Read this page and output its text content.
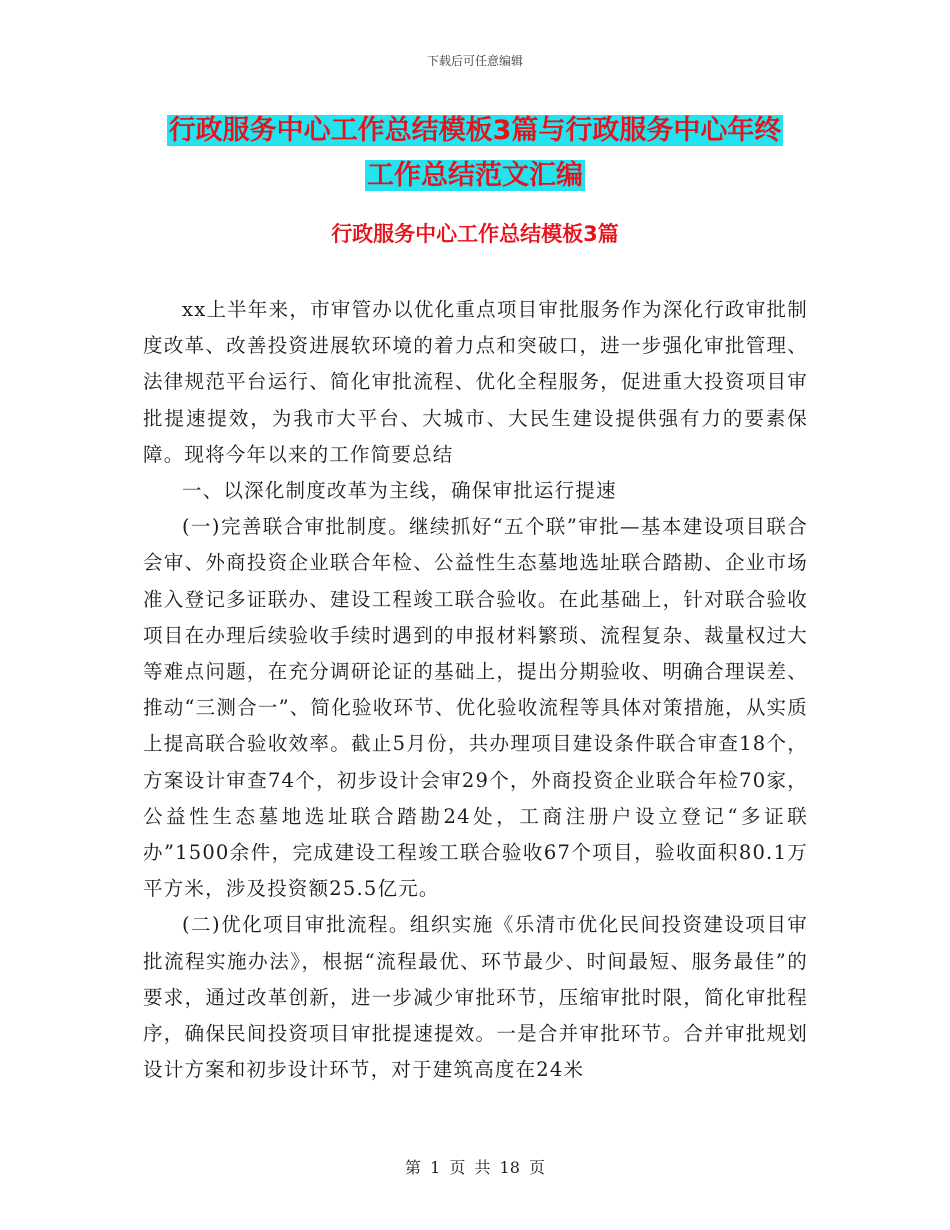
下载后可任意编辑
行政服务中心工作总结模板3篇与行政服务中心年终
工作总结范文汇编
行政服务中心工作总结模板3篇

xx上半年来，市审管办以优化重点项目审批服务作为深化行政审批制度改革、改善投资进展软环境的着力点和突破口，进一步强化审批管理、法律规范平台运行、简化审批流程、优化全程服务，促进重大投资项目审批提速提效，为我市大平台、大城市、大民生建设提供强有力的要素保障。现将今年以来的工作简要总结

一、以深化制度改革为主线，确保审批运行提速

(一)完善联合审批制度。继续抓好“五个联”审批—基本建设项目联合会审、外商投资企业联合年检、公益性生态墓地选址联合踏勘、企业市场准入登记多证联办、建设工程竣工联合验收。在此基础上，针对联合验收项目在办理后续验收手续时遇到的申报材料繁琐、流程复杂、裁量权过大等难点问题，在充分调研论证的基础上，提出分期验收、明确合理误差、推动“三测合一”、简化验收环节、优化验收流程等具体对策措施，从实质上提高联合验收效率。截止5月份，共办理项目建设条件联合审查18个，方案设计审查74个，初步设计会审29个，外商投资企业联合年检70家，公益性生态墓地选址联合踏勘24处，工商注册户设立登记“多证联办”1500余件，完成建设工程竣工联合验收67个项目，验收面积80.1万平方米，涉及投资额25.5亿元。

(二)优化项目审批流程。组织实施《乐清市优化民间投资建设项目审批流程实施办法》，根据“流程最优、环节最少、时间最短、服务最佳”的要求，通过改革创新，进一步减少审批环节，压缩审批时限，简化审批程序，确保民间投资项目审批提速提效。一是合并审批环节。合并审批规划设计方案和初步设计环节，对于建筑高度在24米

第 1 页 共 18 页
